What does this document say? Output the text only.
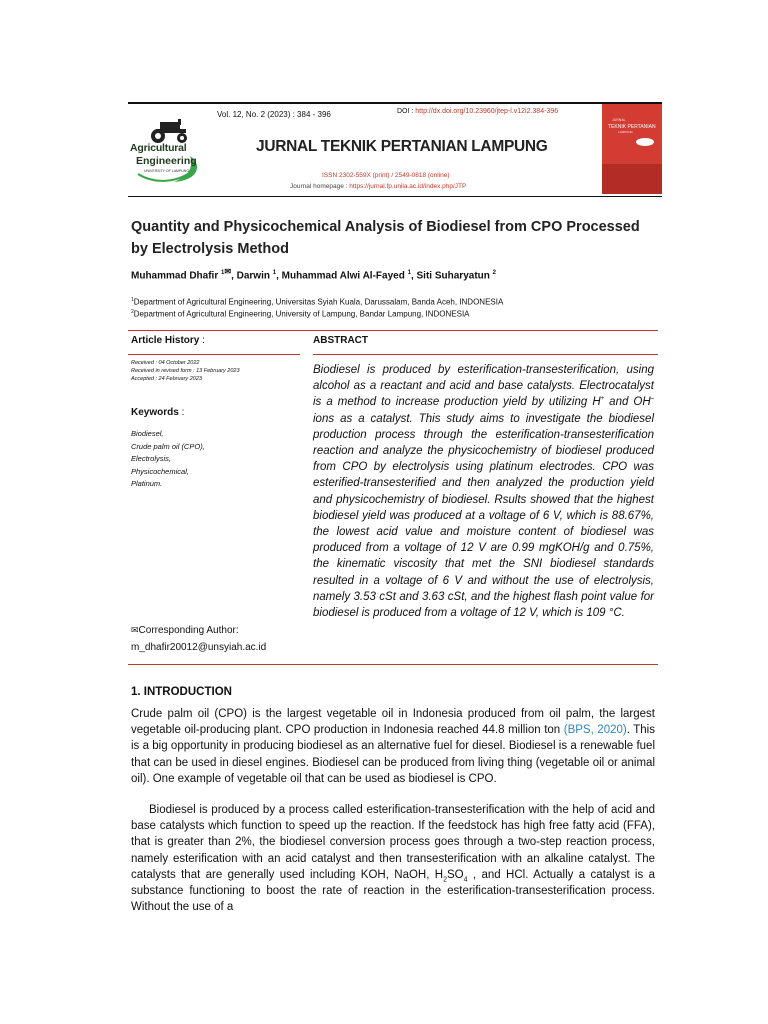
Agricultural
Engineering
UNIVERSITY OF LAMPUNG
Vol. 12, No. 2 (2023) : 384 - 396	DOI : http://dx.doi.org/10.23960/jtep-l.v12i2.384-396
JURNAL TEKNIK PERTANIAN LAMPUNG
ISSN 2302-559X (print) / 2549-0818 (online)
Journal homepage : https://jurnal.fp.unila.ac.id/index.php/JTP
JURNAL
TEKNIK PERTANIAN
LAMPUNG
Quantity and Physicochemical Analysis of Biodiesel from CPO Processed by Electrolysis Method
Muhammad Dhafir $^{1✉}$, Darwin $^1$, Muhammad Alwi Al-Fayed $^1$, Siti Suharyatun $^2$
$^1$Department of Agricultural Engineering, Universitas Syiah Kuala, Darussalam, Banda Aceh, INDONESIA
$^2$Department of Agricultural Engineering, University of Lampung, Bandar Lampung, INDONESIA
Article History :	ABSTRACT
Received : 04 October 2022
Received in revised form : 13 February 2023
Accepted : 24 February 2023
Keywords :
Biodiesel,
Crude palm oil (CPO),
Electrolysis,
Physicochemical,
Platinum.
✉Corresponding Author:
m_dhafir20012@unsyiah.ac.id
Biodiesel is produced by esterification-transesterification, using alcohol as a reactant and acid and base catalysts. Electrocatalyst is a method to increase production yield by utilizing H+ and OH– ions as a catalyst. This study aims to investigate the biodiesel production process through the esterification-transesterification reaction and analyze the physicochemistry of biodiesel produced from CPO by electrolysis using platinum electrodes. CPO was esterified-transesterified and then analyzed the production yield and physicochemistry of biodiesel. Rsults showed that the highest biodiesel yield was produced at a voltage of 6 V, which is 88.67%, the lowest acid value and moisture content of biodiesel was produced from a voltage of 12 V are 0.99 mgKOH/g and 0.75%, the kinematic viscosity that met the SNI biodiesel standards resulted in a voltage of 6 V and without the use of electrolysis, namely 3.53 cSt and 3.63 cSt, and the highest flash point value for biodiesel is produced from a voltage of 12 V, which is 109 °C.
1. INTRODUCTION
Crude palm oil (CPO) is the largest vegetable oil in Indonesia produced from oil palm, the largest vegetable oil-producing plant. CPO production in Indonesia reached 44.8 million ton (BPS, 2020). This is a big opportunity in producing biodiesel as an alternative fuel for diesel. Biodiesel is a renewable fuel that can be used in diesel engines. Biodiesel can be produced from living thing (vegetable oil or animal oil). One example of vegetable oil that can be used as biodiesel is CPO.
Biodiesel is produced by a process called esterification-transesterification with the help of acid and base catalysts which function to speed up the reaction. If the feedstock has high free fatty acid (FFA), that is greater than 2%, the biodiesel conversion process goes through a two-step reaction process, namely esterification with an acid catalyst and then transesterification with an alkaline catalyst. The catalysts that are generally used including KOH, NaOH, $H_2SO_4$ , and HCl. Actually a catalyst is a substance functioning to boost the rate of reaction in the esterification-transesterification process. Without the use of a
